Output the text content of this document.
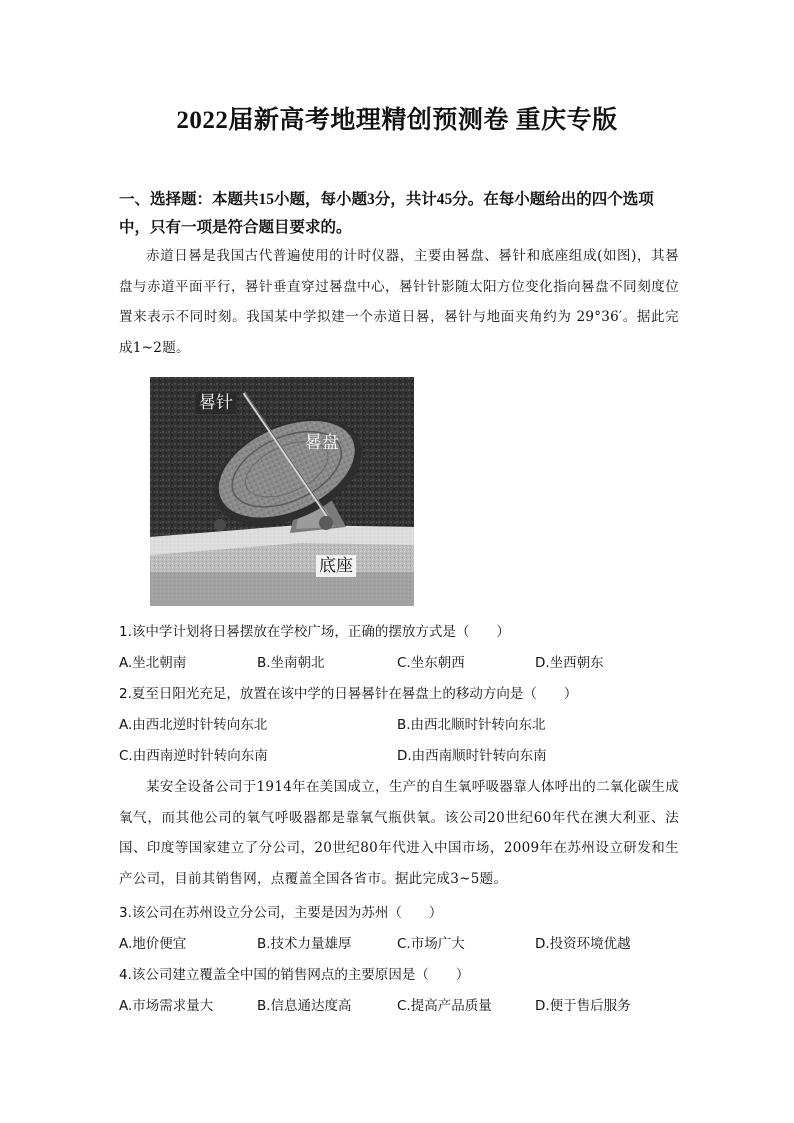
2022届新高考地理精创预测卷 重庆专版
一、选择题：本题共15小题，每小题3分，共计45分。在每小题给出的四个选项中，只有一项是符合题目要求的。
赤道日晷是我国古代普遍使用的计时仪器，主要由晷盘、晷针和底座组成(如图)，其晷盘与赤道平面平行，晷针垂直穿过晷盘中心，晷针针影随太阳方位变化指向晷盘不同刻度位置来表示不同时刻。我国某中学拟建一个赤道日晷，晷针与地面夹角约为 29°36′。据此完成1~2题。
晷针
晷盘
底座
1.该中学计划将日晷摆放在学校广场，正确的摆放方式是（　　）
A.坐北朝南	B.坐南朝北	C.坐东朝西	D.坐西朝东
2.夏至日阳光充足，放置在该中学的日晷晷针在晷盘上的移动方向是（　　）
A.由西北逆时针转向东北	B.由西北顺时针转向东北
C.由西南逆时针转向东南	D.由西南顺时针转向东南
某安全设备公司于1914年在美国成立，生产的自生氧呼吸器靠人体呼出的二氧化碳生成氧气，而其他公司的氧气呼吸器都是靠氧气瓶供氧。该公司20世纪60年代在澳大利亚、法国、印度等国家建立了分公司，20世纪80年代进入中国市场，2009年在苏州设立研发和生产公司，目前其销售网，点覆盖全国各省市。据此完成3~5题。
3.该公司在苏州设立分公司，主要是因为苏州（　　）
A.地价便宜	B.技术力量雄厚	C.市场广大	D.投资环境优越
4.该公司建立覆盖全中国的销售网点的主要原因是（　　）
A.市场需求量大	B.信息通达度高	C.提高产品质量	D.便于售后服务
